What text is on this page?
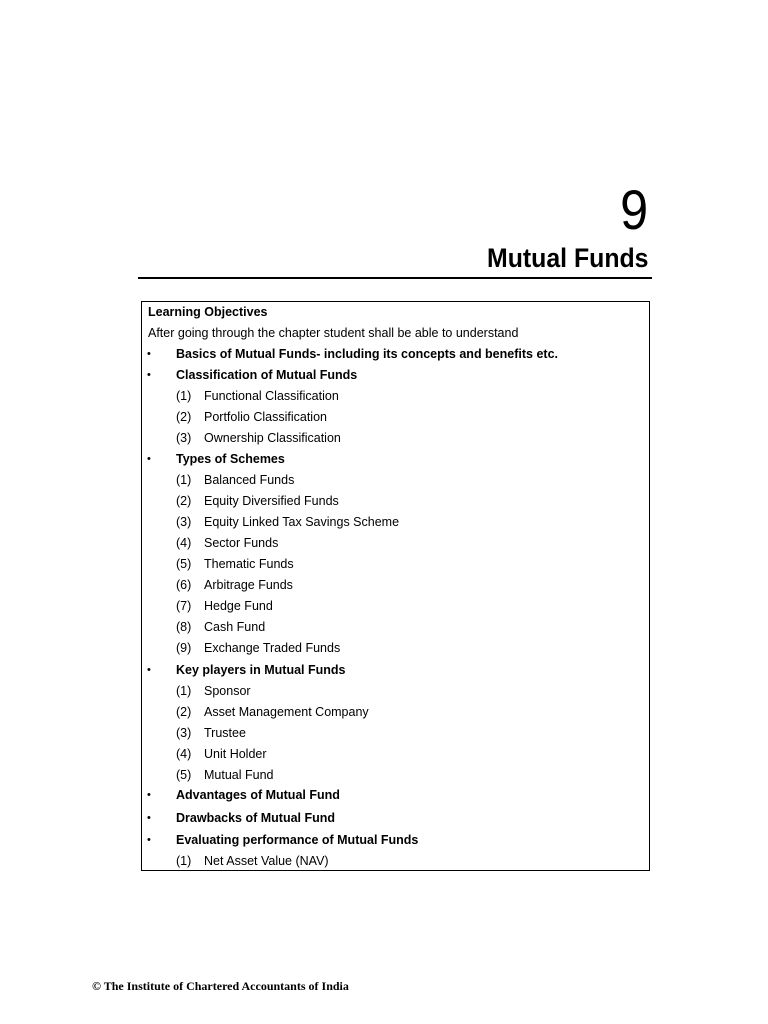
9
Mutual Funds
Learning Objectives
After going through the chapter student shall be able to understand
• Basics of Mutual Funds- including its concepts and benefits etc.
• Classification of Mutual Funds
(1) Functional Classification
(2) Portfolio Classification
(3) Ownership Classification
• Types of Schemes
(1) Balanced Funds
(2) Equity Diversified Funds
(3) Equity Linked Tax Savings Scheme
(4) Sector Funds
(5) Thematic Funds
(6) Arbitrage Funds
(7) Hedge Fund
(8) Cash Fund
(9) Exchange Traded Funds
• Key players in Mutual Funds
(1) Sponsor
(2) Asset Management Company
(3) Trustee
(4) Unit Holder
(5) Mutual Fund
• Advantages of Mutual Fund
• Drawbacks of Mutual Fund
• Evaluating performance of Mutual Funds
(1) Net Asset Value (NAV)
© The Institute of Chartered Accountants of India
